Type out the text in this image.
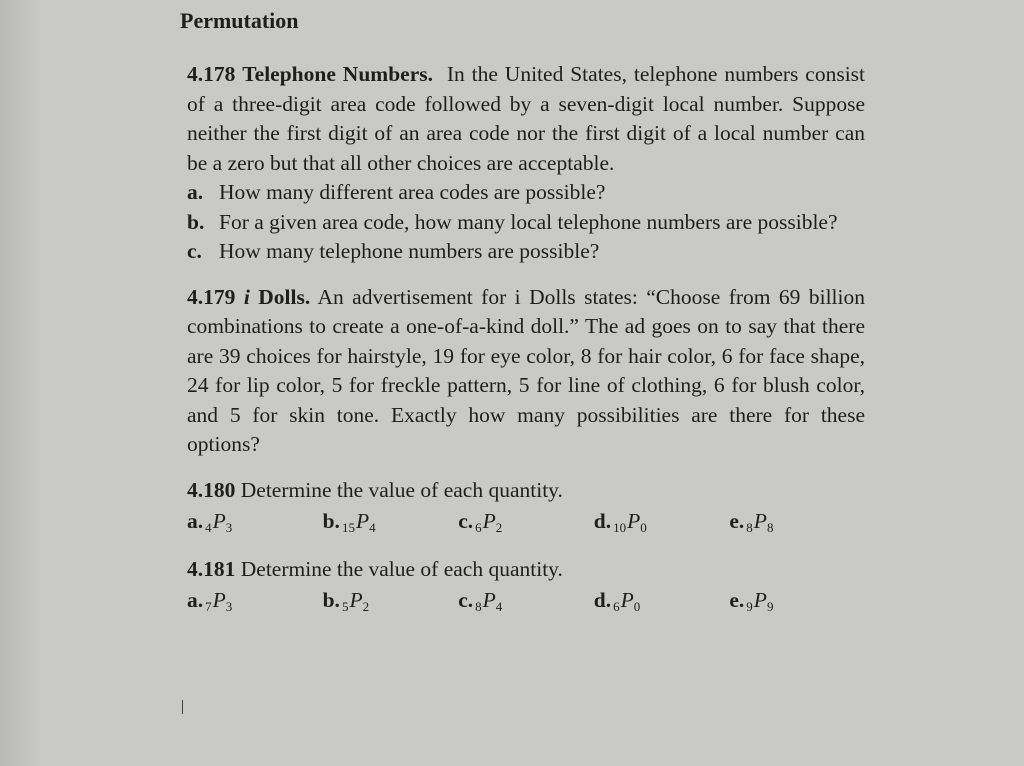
Permutation
4.178 Telephone Numbers. In the United States, telephone numbers consist of a three-digit area code followed by a seven-digit local number. Suppose neither the first digit of an area code nor the first digit of a local number can be a zero but that all other choices are acceptable.
a. How many different area codes are possible?
b. For a given area code, how many local telephone numbers are possible?
c. How many telephone numbers are possible?
4.179 i Dolls. An advertisement for i Dolls states: “Choose from 69 billion combinations to create a one-of-a-kind doll.” The ad goes on to say that there are 39 choices for hairstyle, 19 for eye color, 8 for hair color, 6 for face shape, 24 for lip color, 5 for freckle pattern, 5 for line of clothing, 6 for blush color, and 5 for skin tone. Exactly how many possibilities are there for these options?
4.180 Determine the value of each quantity.
a. 4P3	b. 15P4	c. 6P2	d. 10P0	e. 8P8
4.181 Determine the value of each quantity.
a. 7P3	b. 5P2	c. 8P4	d. 6P0	e. 9P9
